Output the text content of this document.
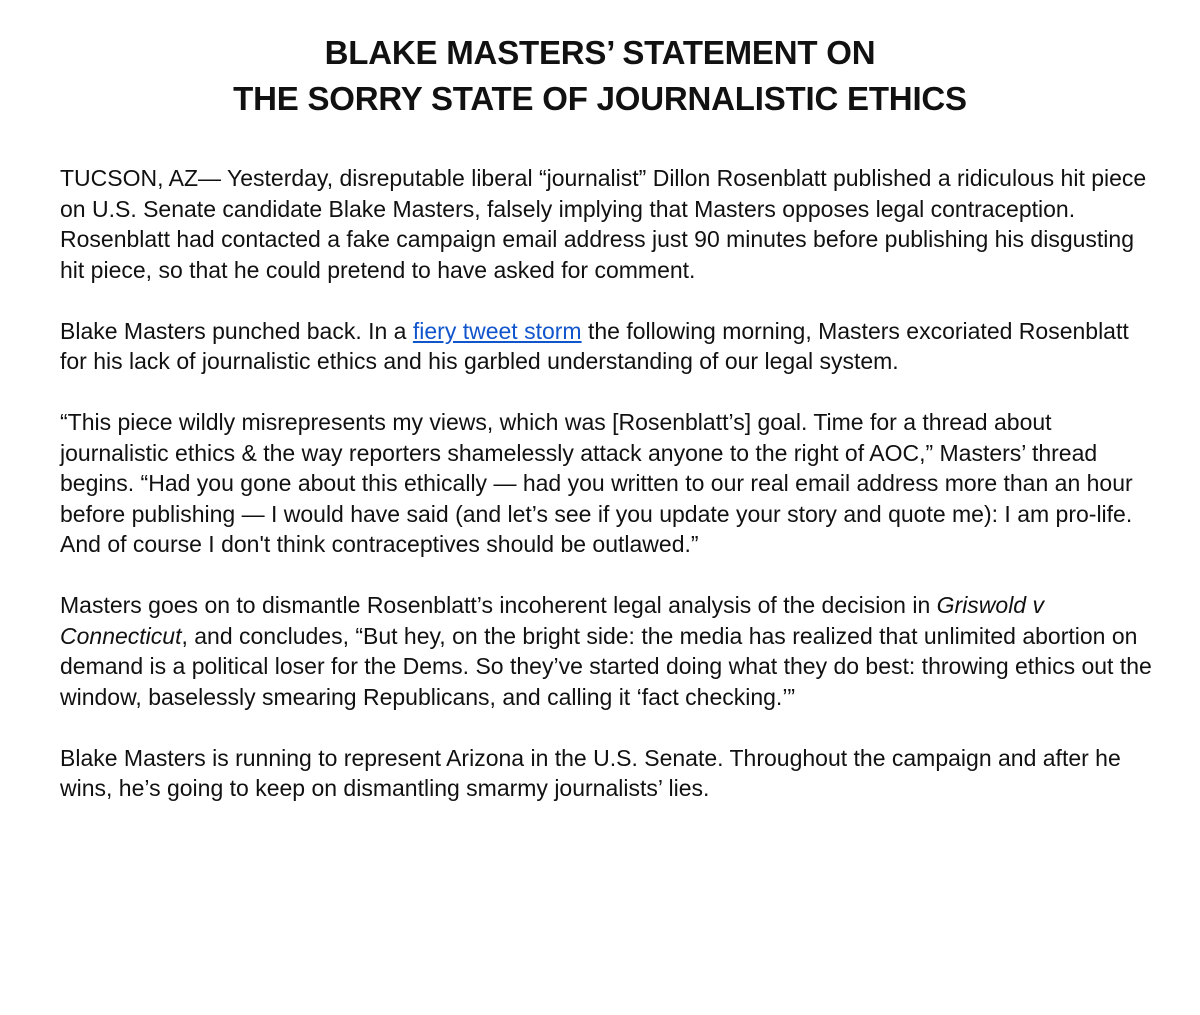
BLAKE MASTERS’ STATEMENT ON
THE SORRY STATE OF JOURNALISTIC ETHICS

TUCSON, AZ— Yesterday, disreputable liberal “journalist” Dillon Rosenblatt published a ridiculous hit piece on U.S. Senate candidate Blake Masters, falsely implying that Masters opposes legal contraception. Rosenblatt had contacted a fake campaign email address just 90 minutes before publishing his disgusting hit piece, so that he could pretend to have asked for comment.

Blake Masters punched back. In a fiery tweet storm the following morning, Masters excoriated Rosenblatt for his lack of journalistic ethics and his garbled understanding of our legal system.

“This piece wildly misrepresents my views, which was [Rosenblatt’s] goal. Time for a thread about journalistic ethics & the way reporters shamelessly attack anyone to the right of AOC,” Masters’ thread begins. “Had you gone about this ethically — had you written to our real email address more than an hour before publishing — I would have said (and let’s see if you update your story and quote me): I am pro-life. And of course I don't think contraceptives should be outlawed.”

Masters goes on to dismantle Rosenblatt’s incoherent legal analysis of the decision in Griswold v Connecticut, and concludes, “But hey, on the bright side: the media has realized that unlimited abortion on demand is a political loser for the Dems. So they’ve started doing what they do best: throwing ethics out the window, baselessly smearing Republicans, and calling it ‘fact checking.’”

Blake Masters is running to represent Arizona in the U.S. Senate. Throughout the campaign and after he wins, he’s going to keep on dismantling smarmy journalists’ lies.
